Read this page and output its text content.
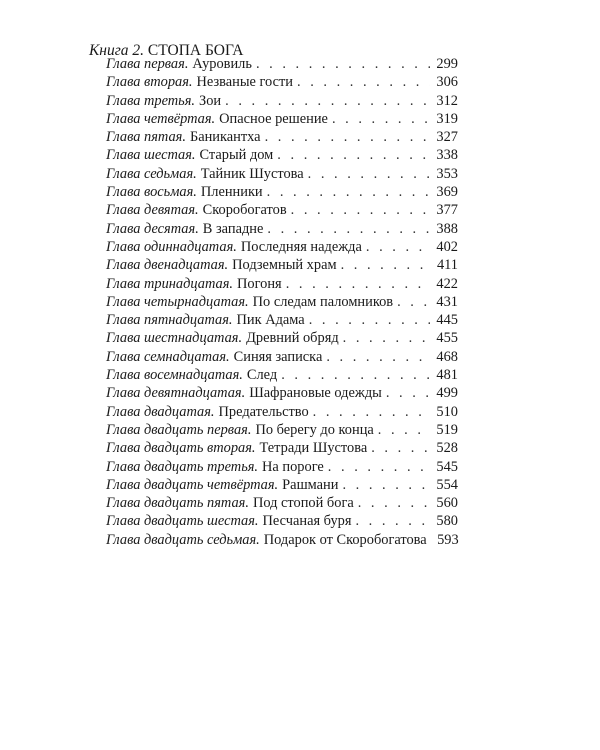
Книга 2. СТОПА БОГА
Глава первая. Ауровиль . . .	299
Глава вторая. Незваные гости . . .	306
Глава третья. Зои . . .	312
Глава четвёртая. Опасное решение . . .	319
Глава пятая. Баникантха . . .	327
Глава шестая. Старый дом . . .	338
Глава седьмая. Тайник Шустова . . .	353
Глава восьмая. Пленники . . .	369
Глава девятая. Скоробогатов . . .	377
Глава десятая. В западне . . .	388
Глава одиннадцатая. Последняя надежда . . .	402
Глава двенадцатая. Подземный храм . . .	411
Глава тринадцатая. Погоня . . .	422
Глава четырнадцатая. По следам паломников . . .	431
Глава пятнадцатая. Пик Адама . . .	445
Глава шестнадцатая. Древний обряд . . .	455
Глава семнадцатая. Синяя записка . . .	468
Глава восемнадцатая. След . . .	481
Глава девятнадцатая. Шафрановые одежды . . .	499
Глава двадцатая. Предательство . . .	510
Глава двадцать первая. По берегу до конца . . .	519
Глава двадцать вторая. Тетради Шустова . . .	528
Глава двадцать третья. На пороге . . .	545
Глава двадцать четвёртая. Рашмани . . .	554
Глава двадцать пятая. Под стопой бога . . .	560
Глава двадцать шестая. Песчаная буря . . .	580
Глава двадцать седьмая. Подарок от Скоробогатова 593
